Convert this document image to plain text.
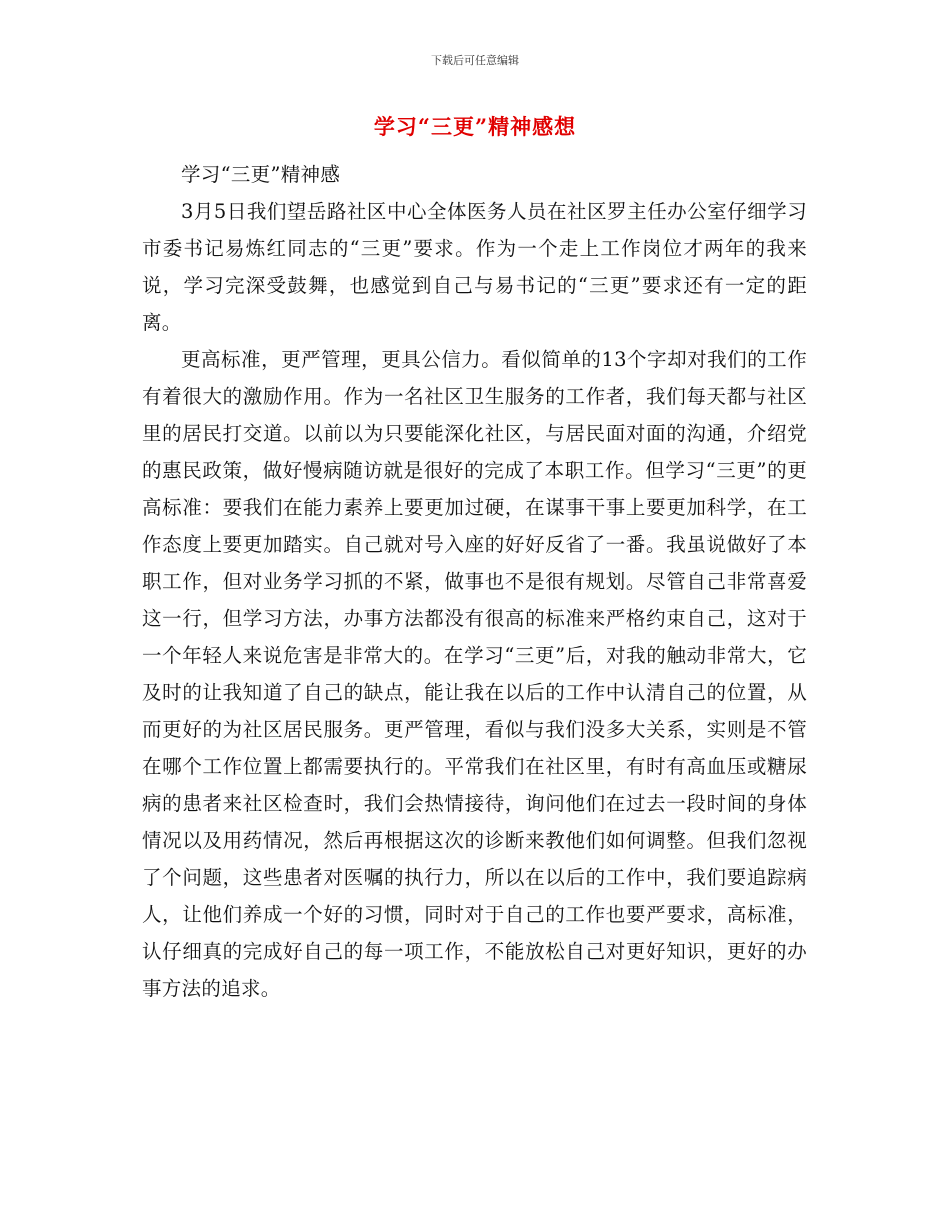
下载后可任意编辑
学习“三更”精神感想

学习“三更”精神感

3月5日我们望岳路社区中心全体医务人员在社区罗主任办公室仔细学习市委书记易炼红同志的“三更”要求。作为一个走上工作岗位才两年的我来说，学习完深受鼓舞，也感觉到自己与易书记的“三更”要求还有一定的距离。

更高标准，更严管理，更具公信力。看似简单的13个字却对我们的工作有着很大的激励作用。作为一名社区卫生服务的工作者，我们每天都与社区里的居民打交道。以前以为只要能深化社区，与居民面对面的沟通，介绍党的惠民政策，做好慢病随访就是很好的完成了本职工作。但学习“三更”的更高标准：要我们在能力素养上要更加过硬，在谋事干事上要更加科学，在工作态度上要更加踏实。自己就对号入座的好好反省了一番。我虽说做好了本职工作，但对业务学习抓的不紧，做事也不是很有规划。尽管自己非常喜爱这一行，但学习方法，办事方法都没有很高的标准来严格约束自己，这对于一个年轻人来说危害是非常大的。在学习“三更”后，对我的触动非常大，它及时的让我知道了自己的缺点，能让我在以后的工作中认清自己的位置，从而更好的为社区居民服务。更严管理，看似与我们没多大关系，实则是不管在哪个工作位置上都需要执行的。平常我们在社区里，有时有高血压或糖尿病的患者来社区检查时，我们会热情接待，询问他们在过去一段时间的身体情况以及用药情况，然后再根据这次的诊断来教他们如何调整。但我们忽视了个问题，这些患者对医嘱的执行力，所以在以后的工作中，我们要追踪病人，让他们养成一个好的习惯，同时对于自己的工作也要严要求，高标准，认仔细真的完成好自己的每一项工作，不能放松自己对更好知识，更好的办事方法的追求。
